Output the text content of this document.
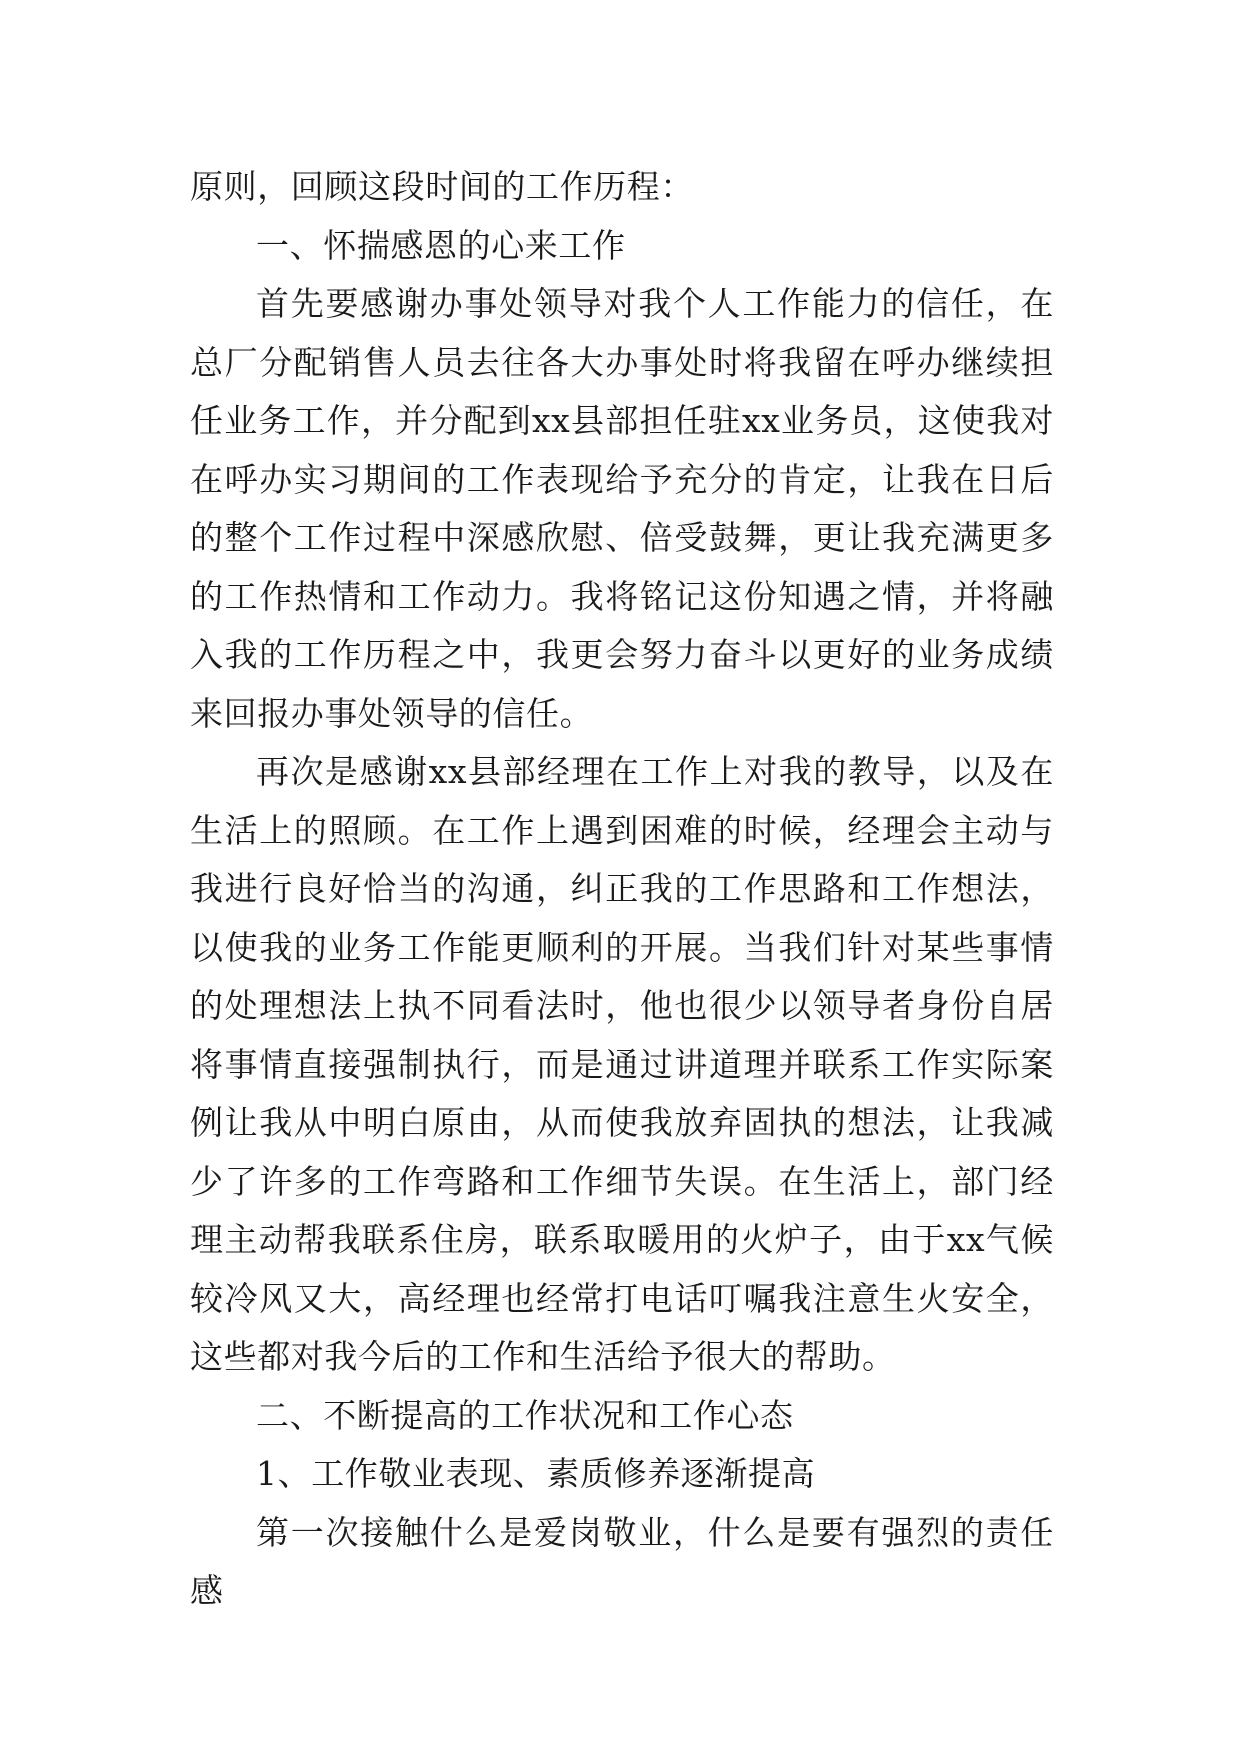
原则，回顾这段时间的工作历程：

一、怀揣感恩的心来工作

首先要感谢办事处领导对我个人工作能力的信任，在总厂分配销售人员去往各大办事处时将我留在呼办继续担任业务工作，并分配到xx县部担任驻xx业务员，这使我对在呼办实习期间的工作表现给予充分的肯定，让我在日后的整个工作过程中深感欣慰、倍受鼓舞，更让我充满更多的工作热情和工作动力。我将铭记这份知遇之情，并将融入我的工作历程之中，我更会努力奋斗以更好的业务成绩来回报办事处领导的信任。

再次是感谢xx县部经理在工作上对我的教导，以及在生活上的照顾。在工作上遇到困难的时候，经理会主动与我进行良好恰当的沟通，纠正我的工作思路和工作想法，以使我的业务工作能更顺利的开展。当我们针对某些事情的处理想法上执不同看法时，他也很少以领导者身份自居将事情直接强制执行，而是通过讲道理并联系工作实际案例让我从中明白原由，从而使我放弃固执的想法，让我减少了许多的工作弯路和工作细节失误。在生活上，部门经理主动帮我联系住房，联系取暖用的火炉子，由于xx气候较冷风又大，高经理也经常打电话叮嘱我注意生火安全，这些都对我今后的工作和生活给予很大的帮助。

二、不断提高的工作状况和工作心态

1、工作敬业表现、素质修养逐渐提高

第一次接触什么是爱岗敬业，什么是要有强烈的责任感
